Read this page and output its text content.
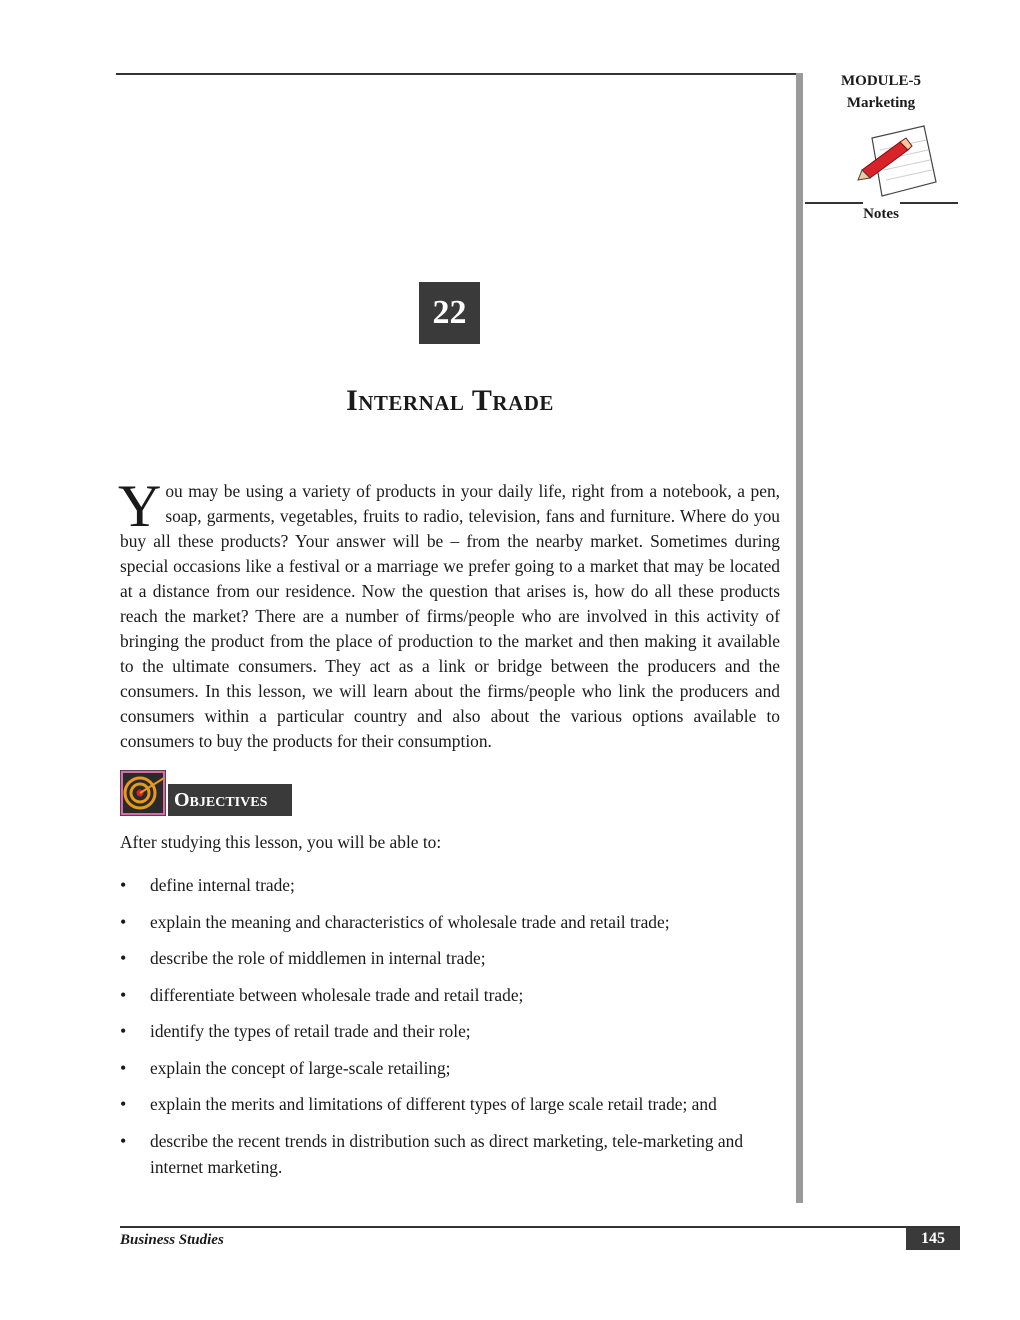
MODULE-5
Marketing
Notes
22
Internal Trade

Y ou may be using a variety of products in your daily life, right from a notebook, a pen, soap, garments, vegetables, fruits to radio, television, fans and furniture. Where do you buy all these products? Your answer will be – from the nearby market. Sometimes during special occasions like a festival or a marriage we prefer going to a market that may be located at a distance from our residence. Now the question that arises is, how do all these products reach the market? There are a number of firms/people who are involved in this activity of bringing the product from the place of production to the market and then making it available to the ultimate consumers. They act as a link or bridge between the producers and the consumers. In this lesson, we will learn about the firms/people who link the producers and consumers within a particular country and also about the various options available to consumers to buy the products for their consumption.

Objectives
After studying this lesson, you will be able to:
• define internal trade;
• explain the meaning and characteristics of wholesale trade and retail trade;
• describe the role of middlemen in internal trade;
• differentiate between wholesale trade and retail trade;
• identify the types of retail trade and their role;
• explain the concept of large-scale retailing;
• explain the merits and limitations of different types of large scale retail trade; and
• describe the recent trends in distribution such as direct marketing, tele-marketing and internet marketing.
Business Studies	145
